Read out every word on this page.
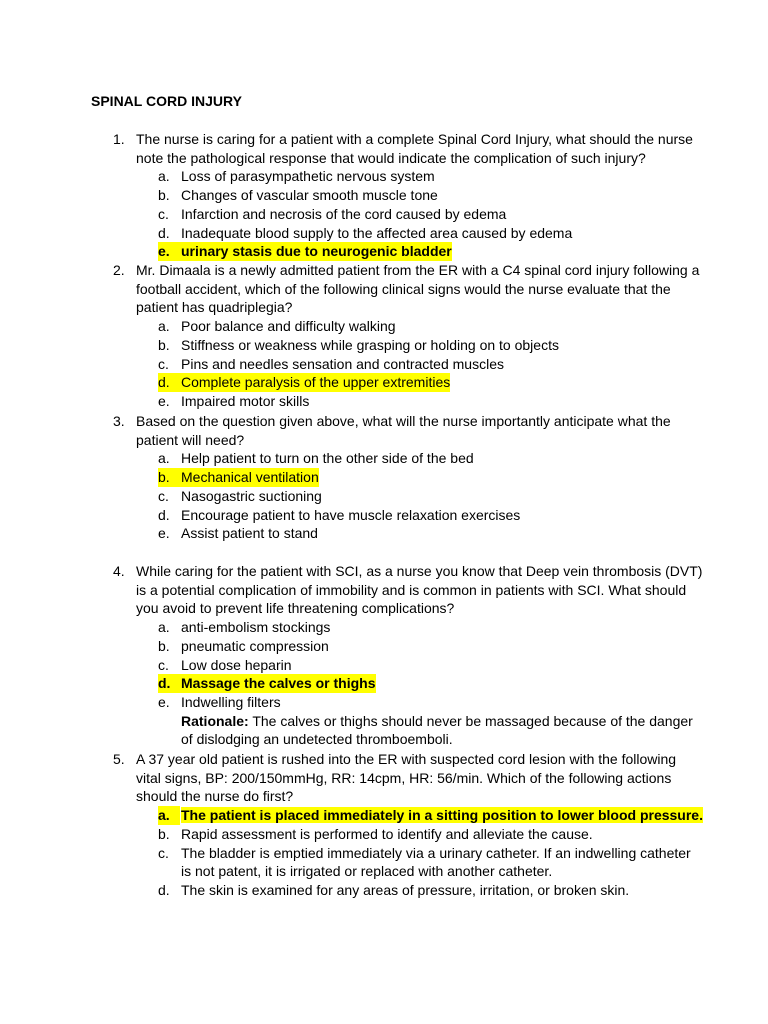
SPINAL CORD INJURY
1. The nurse is caring for a patient with a complete Spinal Cord Injury, what should the nurse note the pathological response that would indicate the complication of such injury?
a. Loss of parasympathetic nervous system
b. Changes of vascular smooth muscle tone
c. Infarction and necrosis of the cord caused by edema
d. Inadequate blood supply to the affected area caused by edema
e. urinary stasis due to neurogenic bladder
2. Mr. Dimaala is a newly admitted patient from the ER with a C4 spinal cord injury following a football accident, which of the following clinical signs would the nurse evaluate that the patient has quadriplegia?
a. Poor balance and difficulty walking
b. Stiffness or weakness while grasping or holding on to objects
c. Pins and needles sensation and contracted muscles
d. Complete paralysis of the upper extremities
e. Impaired motor skills
3. Based on the question given above, what will the nurse importantly anticipate what the patient will need?
a. Help patient to turn on the other side of the bed
b. Mechanical ventilation
c. Nasogastric suctioning
d. Encourage patient to have muscle relaxation exercises
e. Assist patient to stand
4. While caring for the patient with SCI, as a nurse you know that Deep vein thrombosis (DVT) is a potential complication of immobility and is common in patients with SCI. What should you avoid to prevent life threatening complications?
a. anti-embolism stockings
b. pneumatic compression
c. Low dose heparin
d. Massage the calves or thighs
e. Indwelling filters
Rationale: The calves or thighs should never be massaged because of the danger of dislodging an undetected thromboemboli.
5. A 37 year old patient is rushed into the ER with suspected cord lesion with the following vital signs, BP: 200/150mmHg, RR: 14cpm, HR: 56/min. Which of the following actions should the nurse do first?
a. The patient is placed immediately in a sitting position to lower blood pressure.
b. Rapid assessment is performed to identify and alleviate the cause.
c. The bladder is emptied immediately via a urinary catheter. If an indwelling catheter is not patent, it is irrigated or replaced with another catheter.
d. The skin is examined for any areas of pressure, irritation, or broken skin.
